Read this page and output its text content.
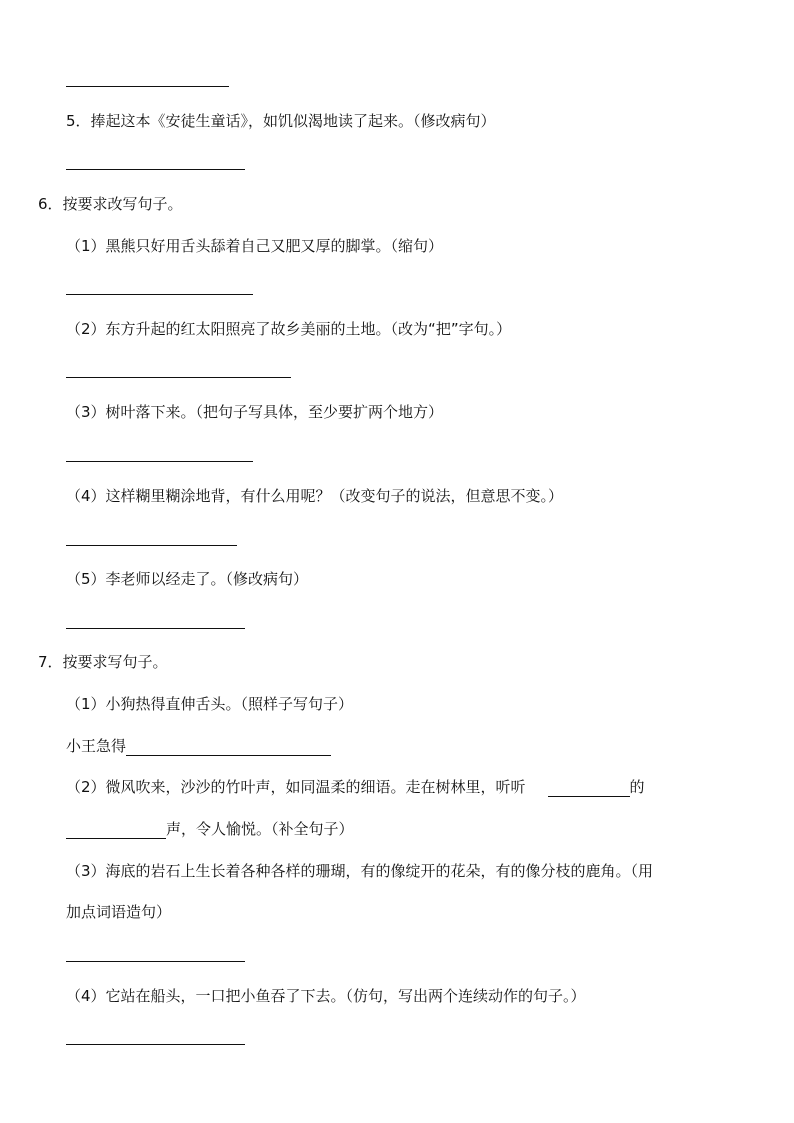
5．捧起这本《安徒生童话》，如饥似渴地读了起来。（修改病句）
6．按要求改写句子。
（1）黑熊只好用舌头舔着自己又肥又厚的脚掌。（缩句）
（2）东方升起的红太阳照亮了故乡美丽的土地。（改为“把”字句。）
（3）树叶落下来。（把句子写具体，至少要扩两个地方）
（4）这样糊里糊涂地背，有什么用呢？（改变句子的说法，但意思不变。）
（5）李老师以经走了。（修改病句）
7．按要求写句子。
（1）小狗热得直伸舌头。（照样子写句子）
小王急得
（2）微风吹来，沙沙的竹叶声，如同温柔的细语。走在树林里，听听	的
声，令人愉悦。（补全句子）
（3）海底的岩石上生长着各种各样的珊瑚，有的像绽开的花朵，有的像分枝的鹿角。（用
加点词语造句）
（4）它站在船头，一口把小鱼吞了下去。（仿句，写出两个连续动作的句子。）
